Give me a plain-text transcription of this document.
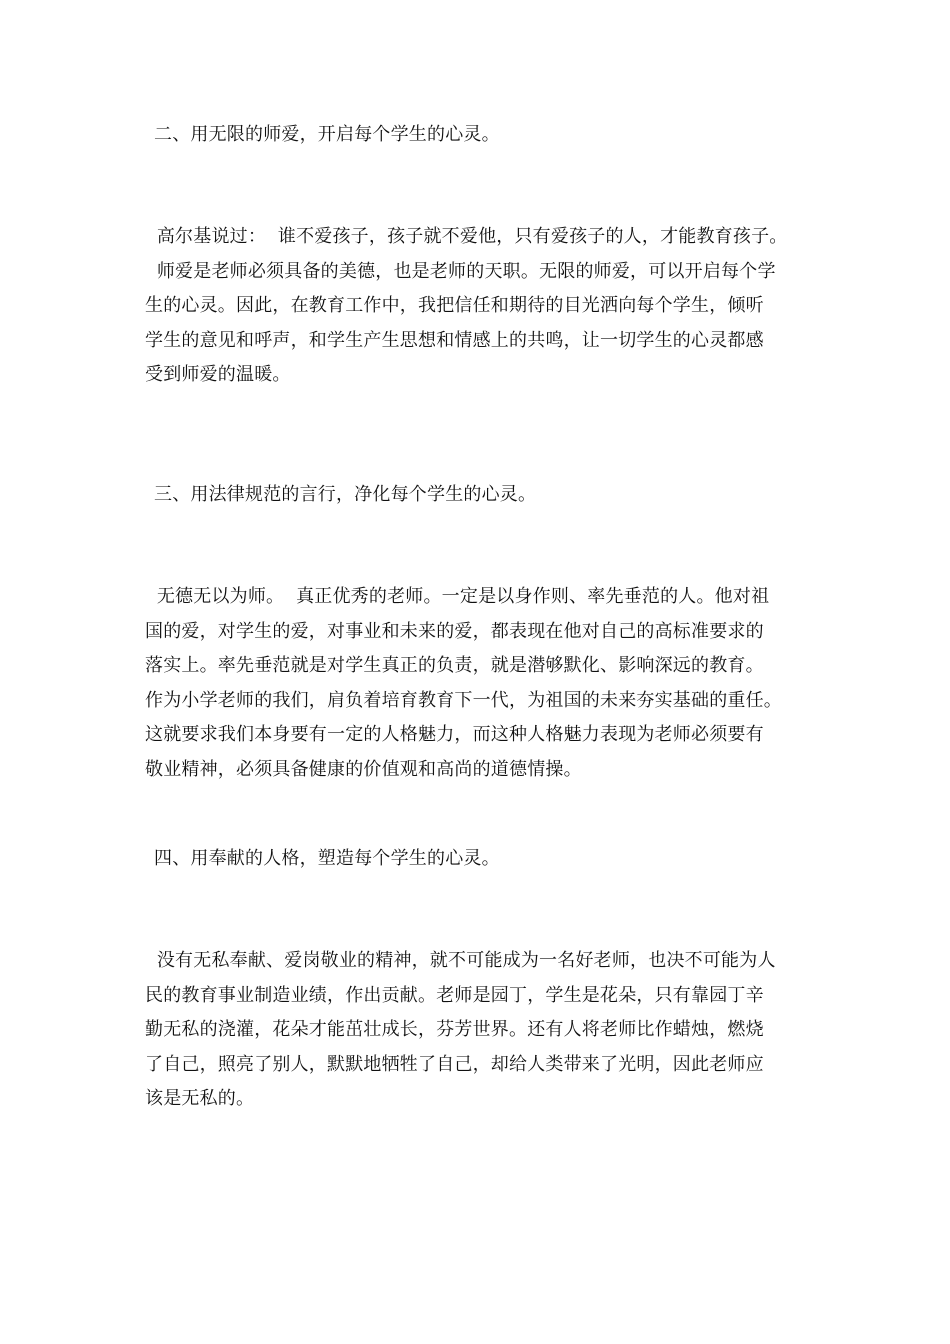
二、用无限的师爱，开启每个学生的心灵。
高尔基说过：  谁不爱孩子，孩子就不爱他，只有爱孩子的人，才能教育孩子。
师爱是老师必须具备的美德，也是老师的天职。无限的师爱，可以开启每个学
生的心灵。因此，在教育工作中，我把信任和期待的目光洒向每个学生，倾听
学生的意见和呼声，和学生产生思想和情感上的共鸣，让一切学生的心灵都感
受到师爱的温暖。
三、用法律规范的言行，净化每个学生的心灵。
无德无以为师。  真正优秀的老师。一定是以身作则、率先垂范的人。他对祖
国的爱，对学生的爱，对事业和未来的爱，都表现在他对自己的高标准要求的
落实上。率先垂范就是对学生真正的负责，就是潜够默化、影响深远的教育。
作为小学老师的我们，肩负着培育教育下一代，为祖国的未来夯实基础的重任。
这就要求我们本身要有一定的人格魅力，而这种人格魅力表现为老师必须要有
敬业精神，必须具备健康的价值观和高尚的道德情操。
四、用奉献的人格，塑造每个学生的心灵。
没有无私奉献、爱岗敬业的精神，就不可能成为一名好老师，也决不可能为人
民的教育事业制造业绩，作出贡献。老师是园丁，学生是花朵，只有靠园丁辛
勤无私的浇灌，花朵才能茁壮成长，芬芳世界。还有人将老师比作蜡烛，燃烧
了自己，照亮了别人，默默地牺牲了自己，却给人类带来了光明，因此老师应
该是无私的。
